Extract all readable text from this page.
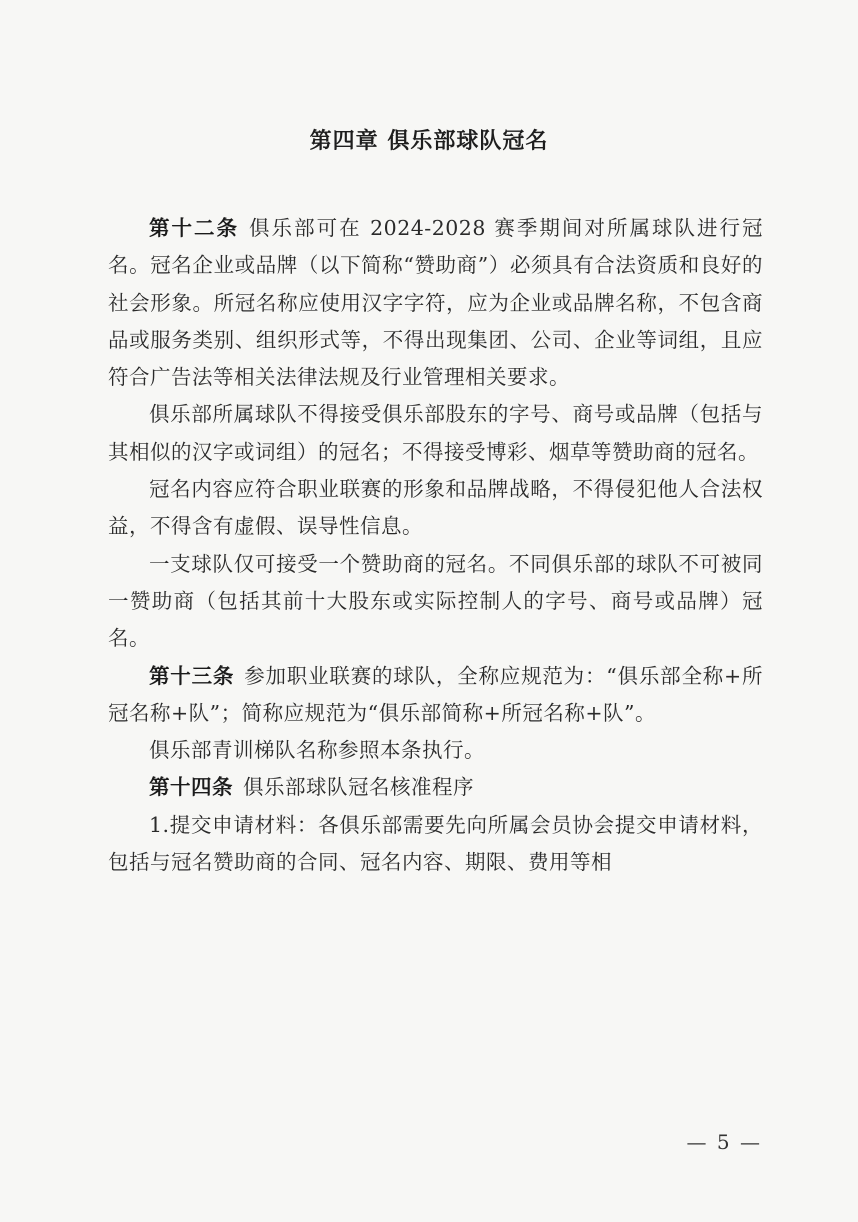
第四章 俱乐部球队冠名

第十二条 俱乐部可在 2024-2028 赛季期间对所属球队进行冠名。冠名企业或品牌（以下简称“赞助商”）必须具有合法资质和良好的社会形象。所冠名称应使用汉字字符，应为企业或品牌名称，不包含商品或服务类别、组织形式等，不得出现集团、公司、企业等词组，且应符合广告法等相关法律法规及行业管理相关要求。

俱乐部所属球队不得接受俱乐部股东的字号、商号或品牌（包括与其相似的汉字或词组）的冠名；不得接受博彩、烟草等赞助商的冠名。

冠名内容应符合职业联赛的形象和品牌战略，不得侵犯他人合法权益，不得含有虚假、误导性信息。

一支球队仅可接受一个赞助商的冠名。不同俱乐部的球队不可被同一赞助商（包括其前十大股东或实际控制人的字号、商号或品牌）冠名。

第十三条 参加职业联赛的球队，全称应规范为：“俱乐部全称+所冠名称+队”；简称应规范为“俱乐部简称+所冠名称+队”。

俱乐部青训梯队名称参照本条执行。

第十四条 俱乐部球队冠名核准程序

1.提交申请材料：各俱乐部需要先向所属会员协会提交申请材料，包括与冠名赞助商的合同、冠名内容、期限、费用等相

— 5 —
